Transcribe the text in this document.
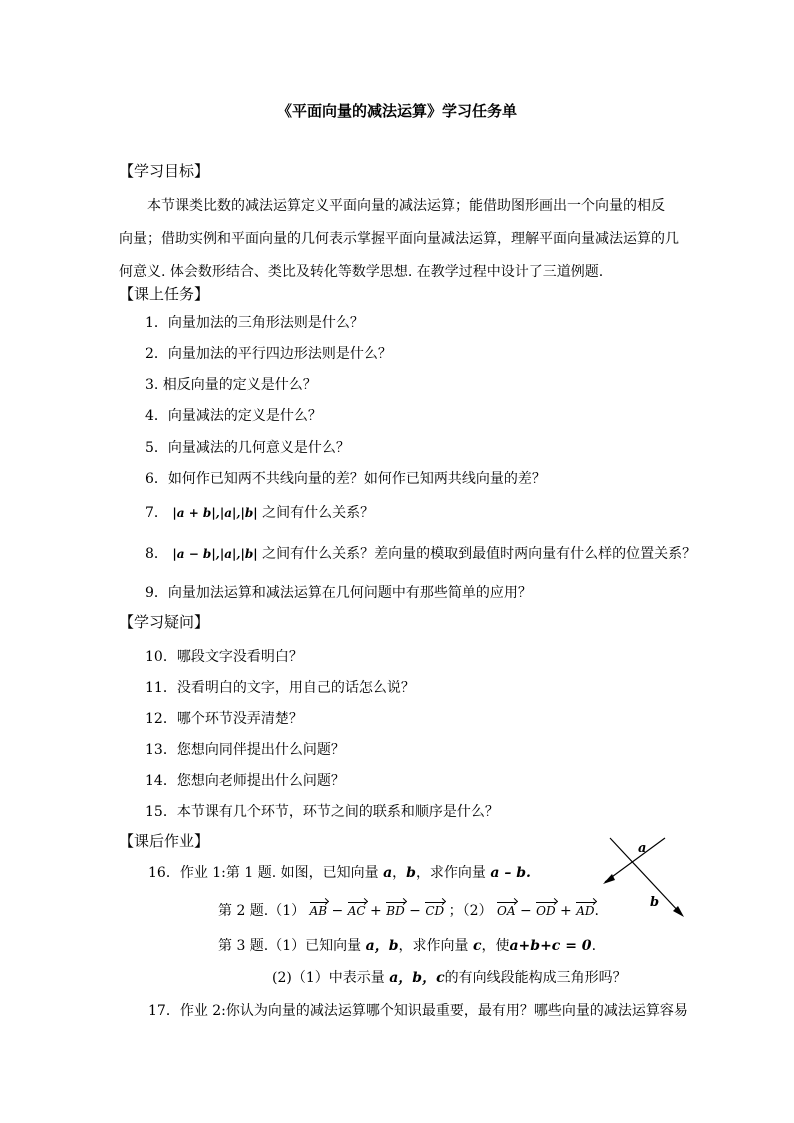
《平面向量的减法运算》学习任务单
【学习目标】
本节课类比数的减法运算定义平面向量的减法运算；能借助图形画出一个向量的相反
向量；借助实例和平面向量的几何表示掌握平面向量减法运算，理解平面向量减法运算的几
何意义. 体会数形结合、类比及转化等数学思想. 在教学过程中设计了三道例题.
【课上任务】
1．向量加法的三角形法则是什么？
2．向量加法的平行四边形法则是什么？
3. 相反向量的定义是什么？
4．向量减法的定义是什么？
5．向量减法的几何意义是什么？
6．如何作已知两不共线向量的差？如何作已知两共线向量的差？
7． |a + b|,|a|,|b| 之间有什么关系？
8． |a − b|,|a|,|b| 之间有什么关系？差向量的模取到最值时两向量有什么样的位置关系？
9．向量加法运算和减法运算在几何问题中有那些简单的应用？
【学习疑问】
10．哪段文字没看明白？
11．没看明白的文字，用自己的话怎么说？
12．哪个环节没弄清楚？
13．您想向同伴提出什么问题？
14．您想向老师提出什么问题？
15．本节课有几个环节，环节之间的联系和顺序是什么？
【课后作业】
16．作业 1:第 1 题. 如图，已知向量 a，b，求作向量 a – b.
第 2 题.（1） AB − AC + BD − CD ；（2） OA − OD + AD.
第 3 题.（1）已知向量 a，b，求作向量 c，使a+b+c = 0.
(2)（1）中表示量 a，b，c的有向线段能构成三角形吗？
17．作业 2:你认为向量的减法运算哪个知识最重要，最有用？哪些向量的减法运算容易
a
b
